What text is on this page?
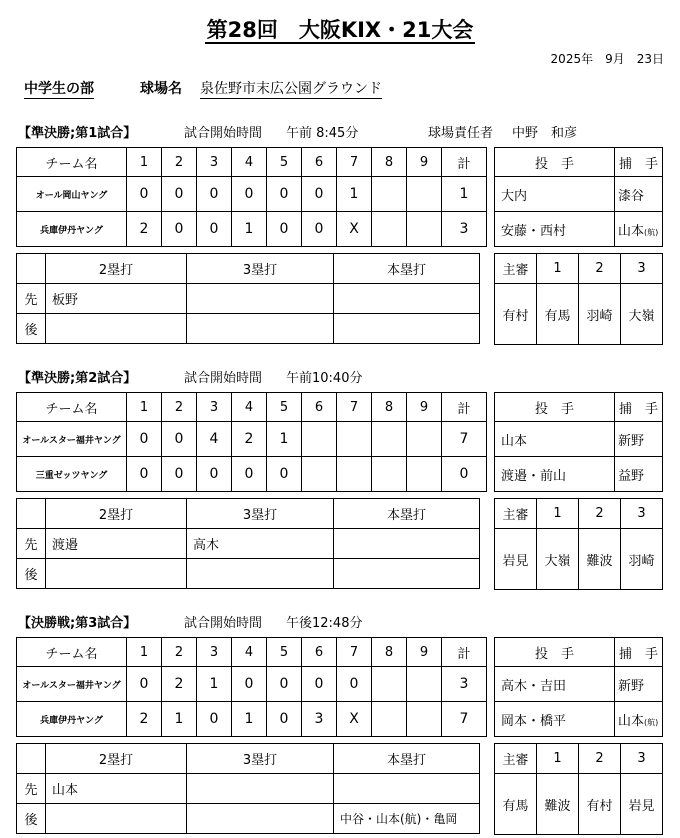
第28回　大阪KIX・21大会
2025年　9月　23日
中学生の部	球場名 泉佐野市末広公園グラウンド
【準決勝;第1試合】	試合開始時間 午前 8:45分	球場責任者 中野　和彦
チーム名	1	2	3	4	5	6	7	8	9	計
オール岡山ヤング	0	0	0	0	0	0	1			1
兵庫伊丹ヤング	2	0	0	1	0	0	X			3
投　手	捕　手
大内	漆谷
安藤・西村	山本(航)
	2塁打	3塁打	本塁打
先	板野		
後			
主審	1	2	3
有村	有馬	羽崎	大嶺
【準決勝;第2試合】	試合開始時間 午前10:40分
チーム名	1	2	3	4	5	6	7	8	9	計
オールスター福井ヤング	0	0	4	2	1					7
三重ゼッツヤング	0	0	0	0	0					0
投　手	捕　手
山本	新野
渡邉・前山	益野
	2塁打	3塁打	本塁打
先	渡邉	高木	
後			
主審	1	2	3
岩見	大嶺	難波	羽崎
【決勝戦;第3試合】	試合開始時間 午後12:48分
チーム名	1	2	3	4	5	6	7	8	9	計
オールスター福井ヤング	0	2	1	0	0	0	0			3
兵庫伊丹ヤング	2	1	0	1	0	3	X			7
投　手	捕　手
高木・吉田	新野
岡本・橋平	山本(航)
	2塁打	3塁打	本塁打
先	山本		
後			中谷・山本(航)・亀岡
主審	1	2	3
有馬	難波	有村	岩見
